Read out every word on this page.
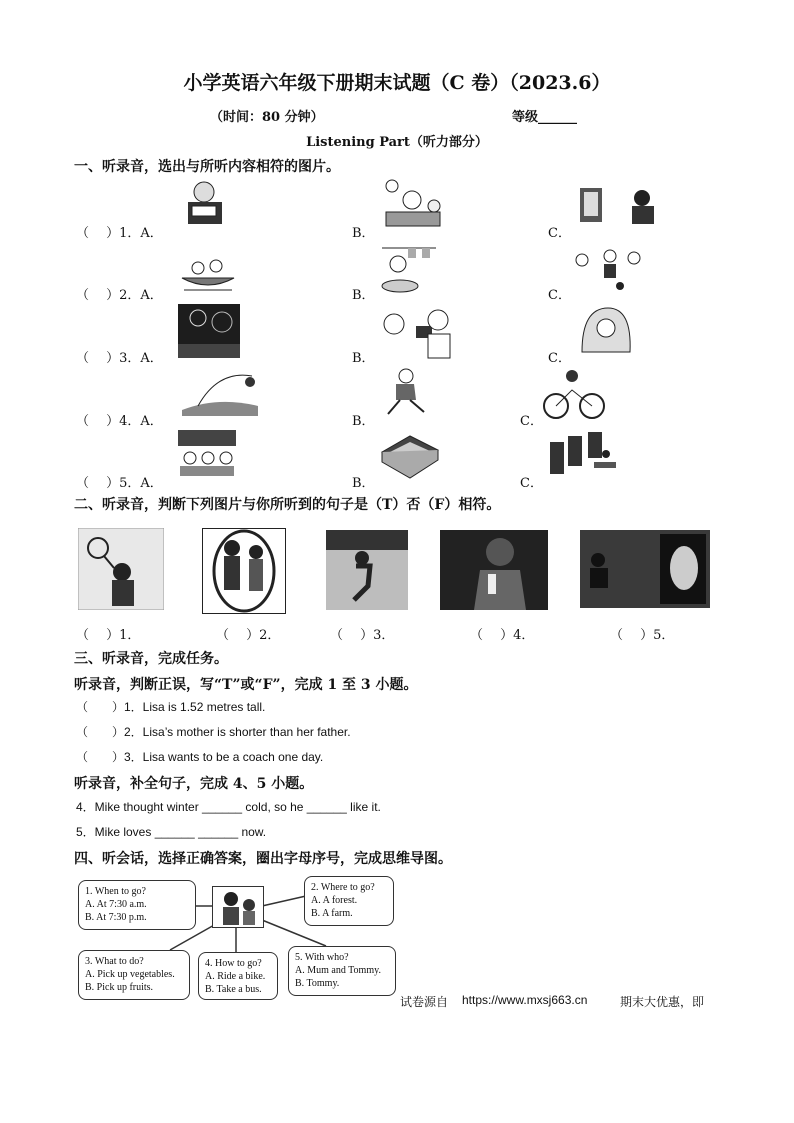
小学英语六年级下册期末试题（C 卷）（2023.6）
（时间：80 分钟）	等级______
Listening Part（听力部分）
一、听录音，选出与所听内容相符的图片。
（　 ）1．A．	B．	C．
（　 ）2．A．	B．	C．
（　 ）3．A．	B．	C．
（　 ）4．A．	B．	C．
（　 ）5．A．	B．	C．
二、听录音，判断下列图片与你所听到的句子是（T）否（F）相符。
（　 ）1．	（　 ）2．	（　 ）3．	（　 ）4．	（　 ）5．
三、听录音，完成任务。
听录音，判断正误，写“T”或“F”，完成 1 至 3 小题。
（　　）1．Lisa is 1.52 metres tall.
（　　）2．Lisa’s mother is shorter than her father.
（　　）3．Lisa wants to be a coach one day.
听录音，补全句子，完成 4、5 小题。
4．Mike thought winter ______ cold, so he ______ like it.
5．Mike loves ______ ______ now.
四、听会话，选择正确答案，圈出字母序号，完成思维导图。
1. When to go?
A. At 7:30 a.m.
B. At 7:30 p.m.
2. Where to go?
A. A forest.
B. A farm.
3. What to do?
A. Pick up vegetables.
B. Pick up fruits.
4. How to go?
A. Ride a bike.
B. Take a bus.
5. With who?
A. Mum and Tommy.
B. Tommy.
试卷源自 https://www.mxsj663.cn	期末大优惠，即
